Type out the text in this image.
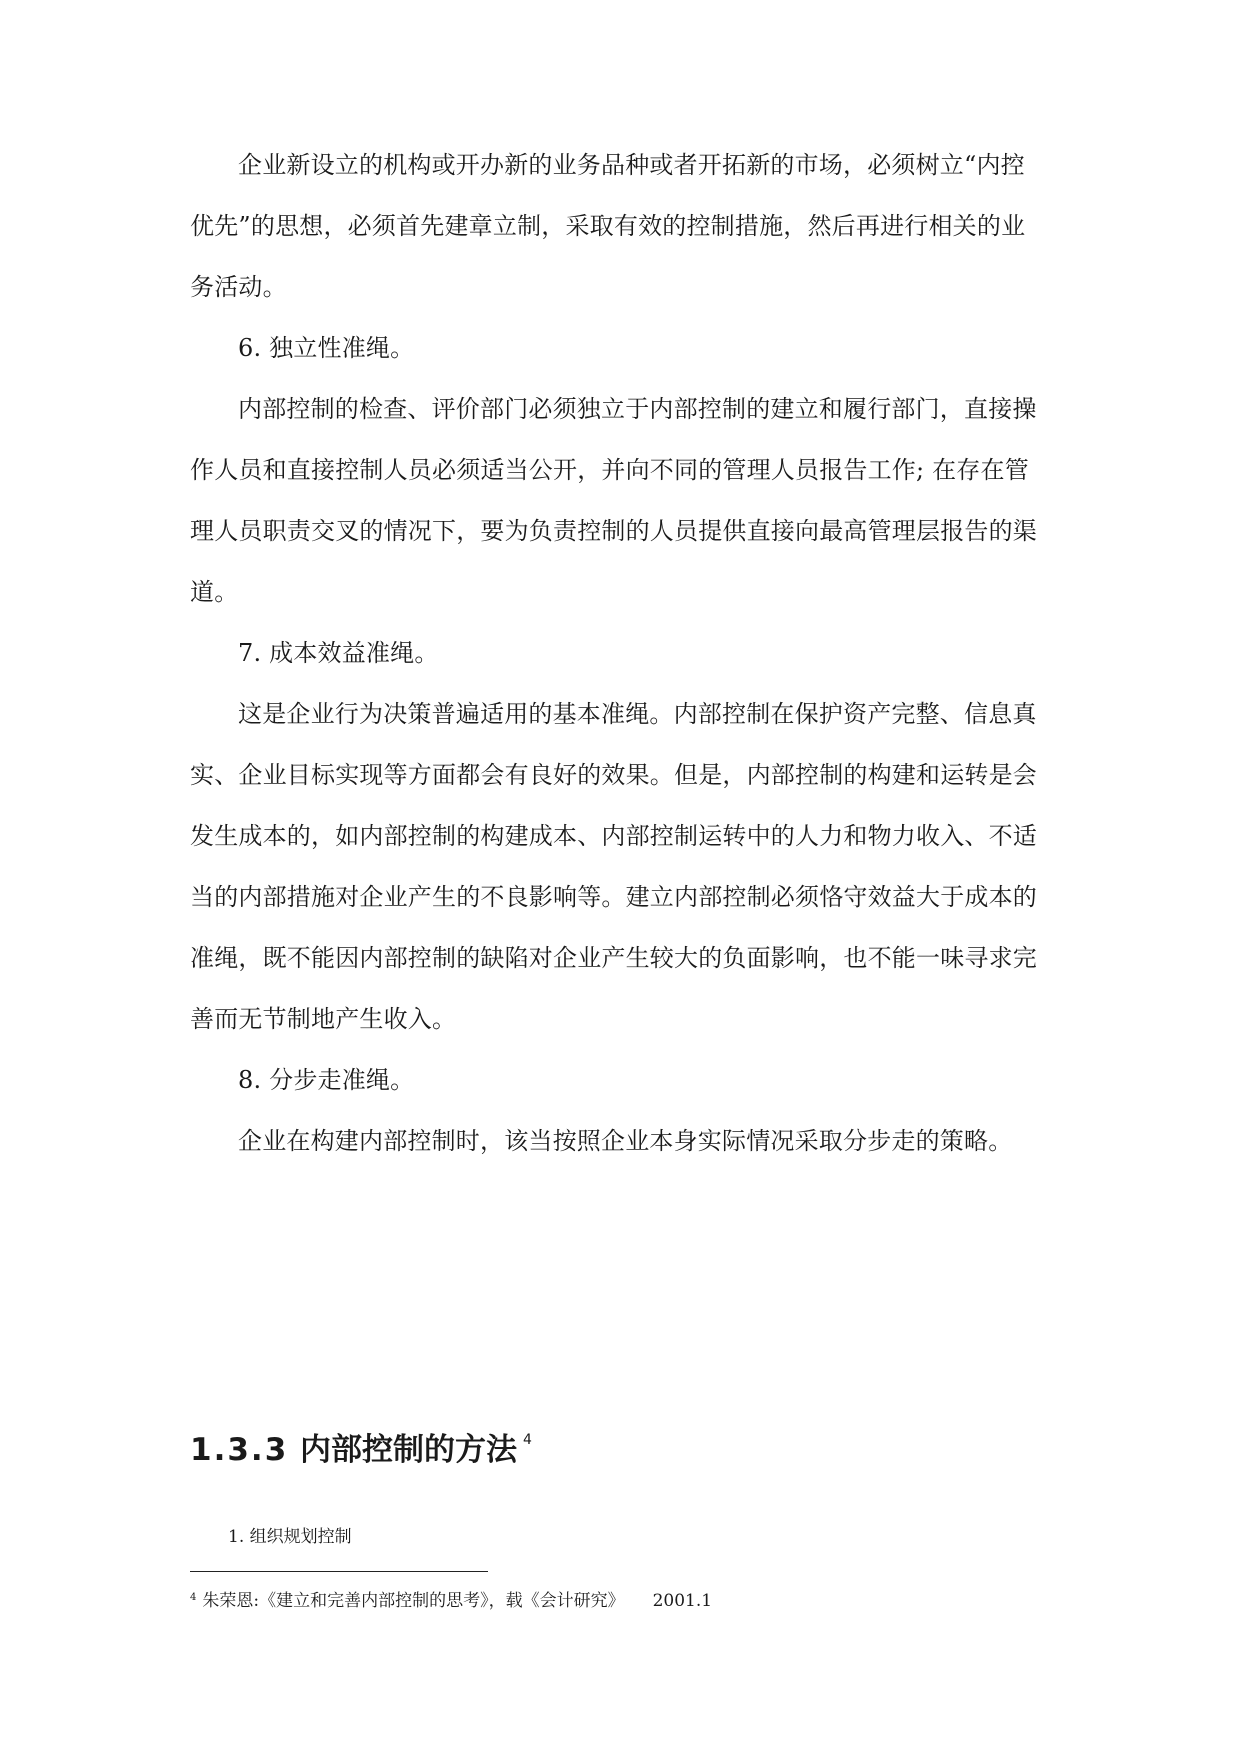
企业新设立的机构或开办新的业务品种或者开拓新的市场，必须树立“内控
优先”的思想，必须首先建章立制，采取有效的控制措施，然后再进行相关的业
务活动。
6. 独立性准绳。
内部控制的检查、评价部门必须独立于内部控制的建立和履行部门，直接操
作人员和直接控制人员必须适当公开，并向不同的管理人员报告工作; 在存在管
理人员职责交叉的情况下，要为负责控制的人员提供直接向最高管理层报告的渠
道。
7. 成本效益准绳。
这是企业行为决策普遍适用的基本准绳。内部控制在保护资产完整、信息真
实、企业目标实现等方面都会有良好的效果。但是，内部控制的构建和运转是会
发生成本的，如内部控制的构建成本、内部控制运转中的人力和物力收入、不适
当的内部措施对企业产生的不良影响等。建立内部控制必须恪守效益大于成本的
准绳，既不能因内部控制的缺陷对企业产生较大的负面影响，也不能一味寻求完
善而无节制地产生收入。
8. 分步走准绳。
企业在构建内部控制时，该当按照企业本身实际情况采取分步走的策略。
1.3.3 内部控制的方法 $^4$
1. 组织规划控制
$^4$ 朱荣恩:《建立和完善内部控制的思考》，载《会计研究》 2001.1
